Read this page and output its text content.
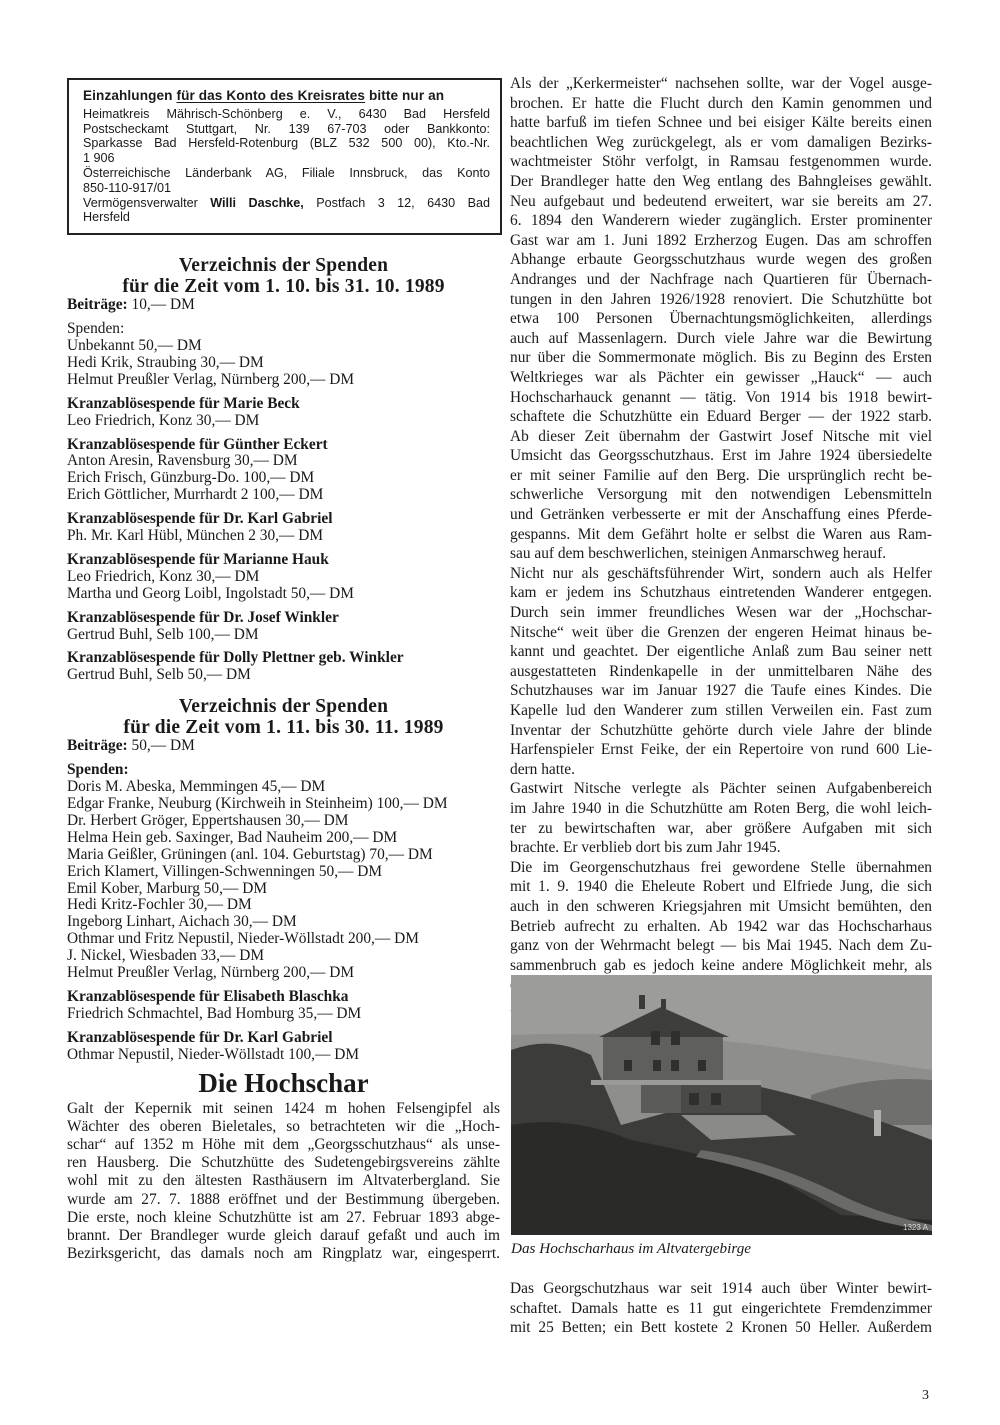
Einzahlungen für das Konto des Kreisrates bitte nur an
Heimatkreis Mährisch-Schönberg e. V., 6430 Bad Hersfeld
Postscheckamt Stuttgart, Nr. 139 67-703 oder Bankkonto:
Sparkasse Bad Hersfeld-Rotenburg (BLZ 532 500 00), Kto.-Nr.
1 906
Österreichische Länderbank AG, Filiale Innsbruck, das Konto
850-110-917/01
Vermögensverwalter Willi Daschke, Postfach 3 12, 6430 Bad
Hersfeld
Verzeichnis der Spenden
für die Zeit vom 1. 10. bis 31. 10. 1989
Beiträge: 10,— DM
Spenden:
Unbekannt 50,— DM
Hedi Krik, Straubing 30,— DM
Helmut Preußler Verlag, Nürnberg 200,— DM
Kranzablösespende für Marie Beck
Leo Friedrich, Konz 30,— DM
Kranzablösespende für Günther Eckert
Anton Aresin, Ravensburg 30,— DM
Erich Frisch, Günzburg-Do. 100,— DM
Erich Göttlicher, Murrhardt 2 100,— DM
Kranzablösespende für Dr. Karl Gabriel
Ph. Mr. Karl Hübl, München 2 30,— DM
Kranzablösespende für Marianne Hauk
Leo Friedrich, Konz 30,— DM
Martha und Georg Loibl, Ingolstadt 50,— DM
Kranzablösespende für Dr. Josef Winkler
Gertrud Buhl, Selb 100,— DM
Kranzablösespende für Dolly Plettner geb. Winkler
Gertrud Buhl, Selb 50,— DM
Verzeichnis der Spenden
für die Zeit vom 1. 11. bis 30. 11. 1989
Beiträge: 50,— DM
Spenden:
Doris M. Abeska, Memmingen 45,— DM
Edgar Franke, Neuburg (Kirchweih in Steinheim) 100,— DM
Dr. Herbert Gröger, Eppertshausen 30,— DM
Helma Hein geb. Saxinger, Bad Nauheim 200,— DM
Maria Geißler, Grüningen (anl. 104. Geburtstag) 70,— DM
Erich Klamert, Villingen-Schwenningen 50,— DM
Emil Kober, Marburg 50,— DM
Hedi Kritz-Fochler 30,— DM
Ingeborg Linhart, Aichach 30,— DM
Othmar und Fritz Nepustil, Nieder-Wöllstadt 200,— DM
J. Nickel, Wiesbaden 33,— DM
Helmut Preußler Verlag, Nürnberg 200,— DM
Kranzablösespende für Elisabeth Blaschka
Friedrich Schmachtel, Bad Homburg 35,— DM
Kranzablösespende für Dr. Karl Gabriel
Othmar Nepustil, Nieder-Wöllstadt 100,— DM
Die Hochschar
Galt der Kepernik mit seinen 1424 m hohen Felsengipfel als
Wächter des oberen Bieletales, so betrachteten wir die „Hoch-
schar“ auf 1352 m Höhe mit dem „Georgsschutzhaus“ als unse-
ren Hausberg. Die Schutzhütte des Sudetengebirgsvereins zählte
wohl mit zu den ältesten Rasthäusern im Altvaterbergland. Sie
wurde am 27. 7. 1888 eröffnet und der Bestimmung übergeben.
Die erste, noch kleine Schutzhütte ist am 27. Februar 1893 abge-
brannt. Der Brandleger wurde gleich darauf gefaßt und auch im
Bezirksgericht, das damals noch am Ringplatz war, eingesperrt.
Als der „Kerkermeister“ nachsehen sollte, war der Vogel ausge-
brochen. Er hatte die Flucht durch den Kamin genommen und
hatte barfuß im tiefen Schnee und bei eisiger Kälte bereits einen
beachtlichen Weg zurückgelegt, als er vom damaligen Bezirks-
wachtmeister Stöhr verfolgt, in Ramsau festgenommen wurde.
Der Brandleger hatte den Weg entlang des Bahngleises gewählt.
Neu aufgebaut und bedeutend erweitert, war sie bereits am 27.
6. 1894 den Wanderern wieder zugänglich. Erster prominenter
Gast war am 1. Juni 1892 Erzherzog Eugen. Das am schroffen
Abhange erbaute Georgsschutzhaus wurde wegen des großen
Andranges und der Nachfrage nach Quartieren für Übernach-
tungen in den Jahren 1926/1928 renoviert. Die Schutzhütte bot
etwa 100 Personen Übernachtungsmöglichkeiten, allerdings
auch auf Massenlagern. Durch viele Jahre war die Bewirtung
nur über die Sommermonate möglich. Bis zu Beginn des Ersten
Weltkrieges war als Pächter ein gewisser „Hauck“ — auch
Hochscharhauck genannt — tätig. Von 1914 bis 1918 bewirt-
schaftete die Schutzhütte ein Eduard Berger — der 1922 starb.
Ab dieser Zeit übernahm der Gastwirt Josef Nitsche mit viel
Umsicht das Georgsschutzhaus. Erst im Jahre 1924 übersiedelte
er mit seiner Familie auf den Berg. Die ursprünglich recht be-
schwerliche Versorgung mit den notwendigen Lebensmitteln
und Getränken verbesserte er mit der Anschaffung eines Pferde-
gespanns. Mit dem Gefährt holte er selbst die Waren aus Ram-
sau auf dem beschwerlichen, steinigen Anmarschweg herauf.
Nicht nur als geschäftsführender Wirt, sondern auch als Helfer
kam er jedem ins Schutzhaus eintretenden Wanderer entgegen.
Durch sein immer freundliches Wesen war der „Hochschar-
Nitsche“ weit über die Grenzen der engeren Heimat hinaus be-
kannt und geachtet. Der eigentliche Anlaß zum Bau seiner nett
ausgestatteten Rindenkapelle in der unmittelbaren Nähe des
Schutzhauses war im Januar 1927 die Taufe eines Kindes. Die
Kapelle lud den Wanderer zum stillen Verweilen ein. Fast zum
Inventar der Schutzhütte gehörte durch viele Jahre der blinde
Harfenspieler Ernst Feike, der ein Repertoire von rund 600 Lie-
dern hatte.
Gastwirt Nitsche verlegte als Pächter seinen Aufgabenbereich
im Jahre 1940 in die Schutzhütte am Roten Berg, die wohl leich-
ter zu bewirtschaften war, aber größere Aufgaben mit sich
brachte. Er verblieb dort bis zum Jahr 1945.
Die im Georgenschutzhaus frei gewordene Stelle übernahmen
mit 1. 9. 1940 die Eheleute Robert und Elfriede Jung, die sich
auch in den schweren Kriegsjahren mit Umsicht bemühten, den
Betrieb aufrecht zu erhalten. Ab 1942 war das Hochscharhaus
ganz von der Wehrmacht belegt — bis Mai 1945. Nach dem Zu-
sammenbruch gab es jedoch keine andere Möglichkeit mehr, als
1323 A
Das Hochscharhaus im Altvatergebirge
Das Georgschutzhaus war seit 1914 auch über Winter bewirt-
schaftet. Damals hatte es 11 gut eingerichtete Fremdenzimmer
mit 25 Betten; ein Bett kostete 2 Kronen 50 Heller. Außerdem
3
